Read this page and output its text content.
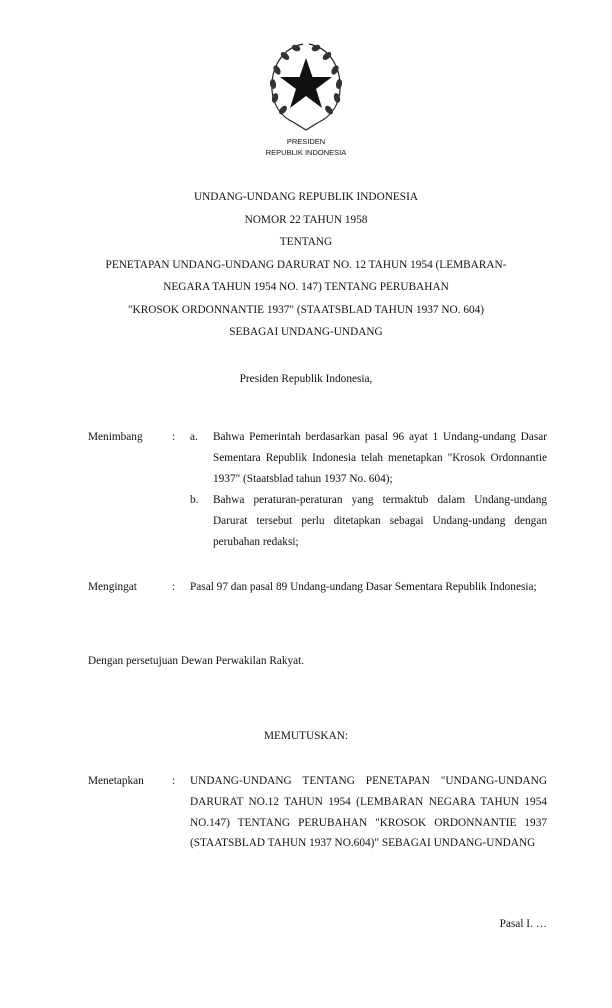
PRESIDEN
REPUBLIK INDONESIA
UNDANG-UNDANG REPUBLIK INDONESIA
NOMOR 22 TAHUN 1958
TENTANG
PENETAPAN UNDANG-UNDANG DARURAT NO. 12 TAHUN 1954 (LEMBARAN-
NEGARA TAHUN 1954 NO. 147) TENTANG PERUBAHAN
"KROSOK ORDONNANTIE 1937" (STAATSBLAD TAHUN 1937 NO. 604)
SEBAGAI UNDANG-UNDANG
Presiden Republik Indonesia,
Menimbang	: a. Bahwa Pemerintah berdasarkan pasal 96 ayat 1 Undang-undang Dasar Sementara Republik Indonesia telah menetapkan "Krosok Ordonnantie 1937" (Staatsblad tahun 1937 No. 604);
b. Bahwa peraturan-peraturan yang termaktub dalam Undang-undang Darurat tersebut perlu ditetapkan sebagai Undang-undang dengan perubahan redaksi;
Mengingat	: Pasal 97 dan pasal 89 Undang-undang Dasar Sementara Republik Indonesia;
Dengan persetujuan Dewan Perwakilan Rakyat.
MEMUTUSKAN:
Menetapkan : UNDANG-UNDANG TENTANG PENETAPAN "UNDANG-UNDANG DARURAT NO.12 TAHUN 1954 (LEMBARAN NEGARA TAHUN 1954 NO.147) TENTANG PERUBAHAN "KROSOK ORDONNANTIE 1937 (STAATSBLAD TAHUN 1937 NO.604)" SEBAGAI UNDANG-UNDANG
Pasal I. …
